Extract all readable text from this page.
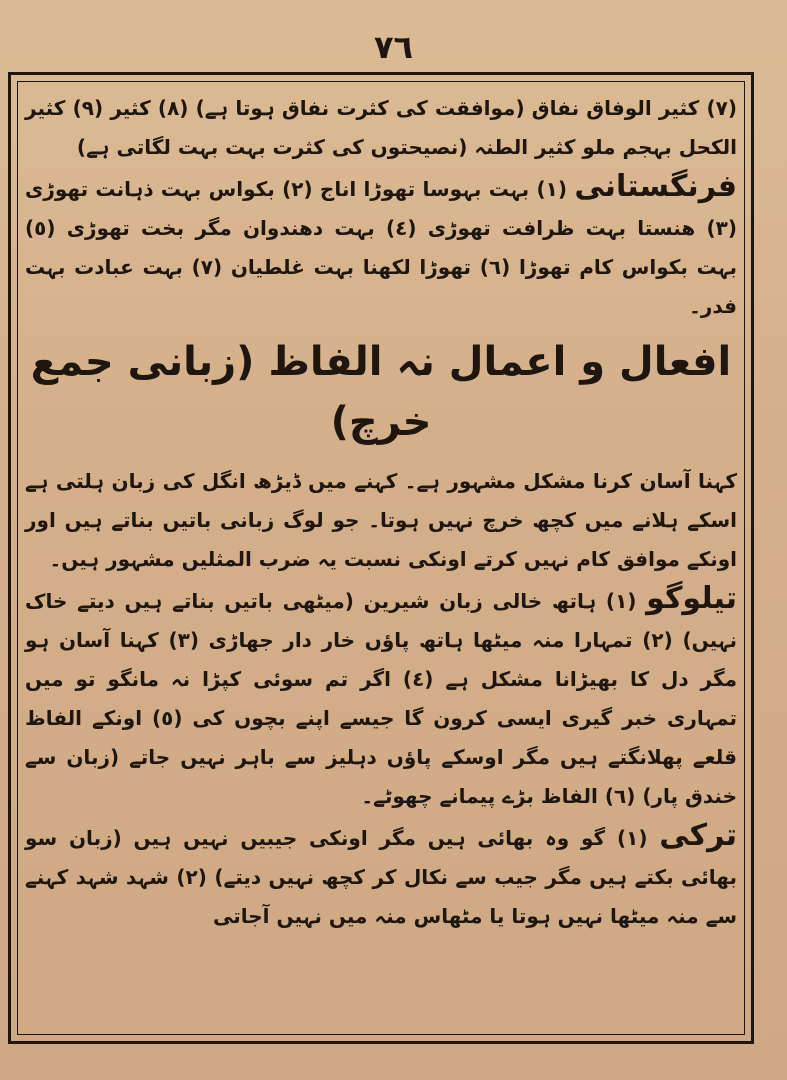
٧٦

(٧) کثیر الوفاق نفاق (موافقت کی کثرت نفاق ہوتا ہے) (٨) کثیر (٩) کثیر الکحل بہجم ملو کثیر الطنہ (نصیحتوں کی کثرت بہت بہت لگاتی ہے)

فرنگستانی (١) بہت بہوسا تھوڑا اناج (٢) بکواس بہت ذہانت تھوڑی (٣) ھنستا بہت ظرافت تھوڑی (٤) بہت دھندوان مگر بخت تھوڑی (٥) بہت بکواس کام تھوڑا (٦) تھوڑا لکھنا بہت غلطیان (٧) بہت عبادت بہت فدر۔

افعال و اعمال نہ الفاظ (زبانی جمع خرچ)

کہنا آسان کرنا مشکل مشہور ہے۔ کہنے میں ڈیڑھ انگل کی زبان ہلتی ہے اسکے ہلانے میں کچھ خرچ نہیں ہوتا۔ جو لوگ زبانی باتیں بناتے ہیں اور اونکے موافق کام نہیں کرتے اونکی نسبت یہ ضرب المثلیں مشہور ہیں۔

تیلوگو (١) ہاتھ خالی زبان شیرین (میٹھی باتیں بناتے ہیں دیتے خاک نہیں) (٢) تمہارا منہ میٹھا ہاتھ پاؤں خار دار جھاڑی (٣) کہنا آسان ہو مگر دل کا بھیڑانا مشکل ہے (٤) اگر تم سوئی کپڑا نہ مانگو تو میں تمہاری خبر گیری ایسی کرون گا جیسے اپنے بچوں کی (٥) اونکے الفاظ قلعے پھلانگتے ہیں مگر اوسکے پاؤں دہلیز سے باہر نہیں جاتے (زبان سے خندق پار) (٦) الفاظ بڑے پیمانے چھوٹے۔

ترکی (١) گو وہ بھائی ہیں مگر اونکی جیبیں نہیں ہیں (زبان سو بھائی بکتے ہیں مگر جیب سے نکال کر کچھ نہیں دیتے) (٢) شہد شہد کہنے سے منہ میٹھا نہیں ہوتا یا مٹھاس منہ میں نہیں آجاتی
